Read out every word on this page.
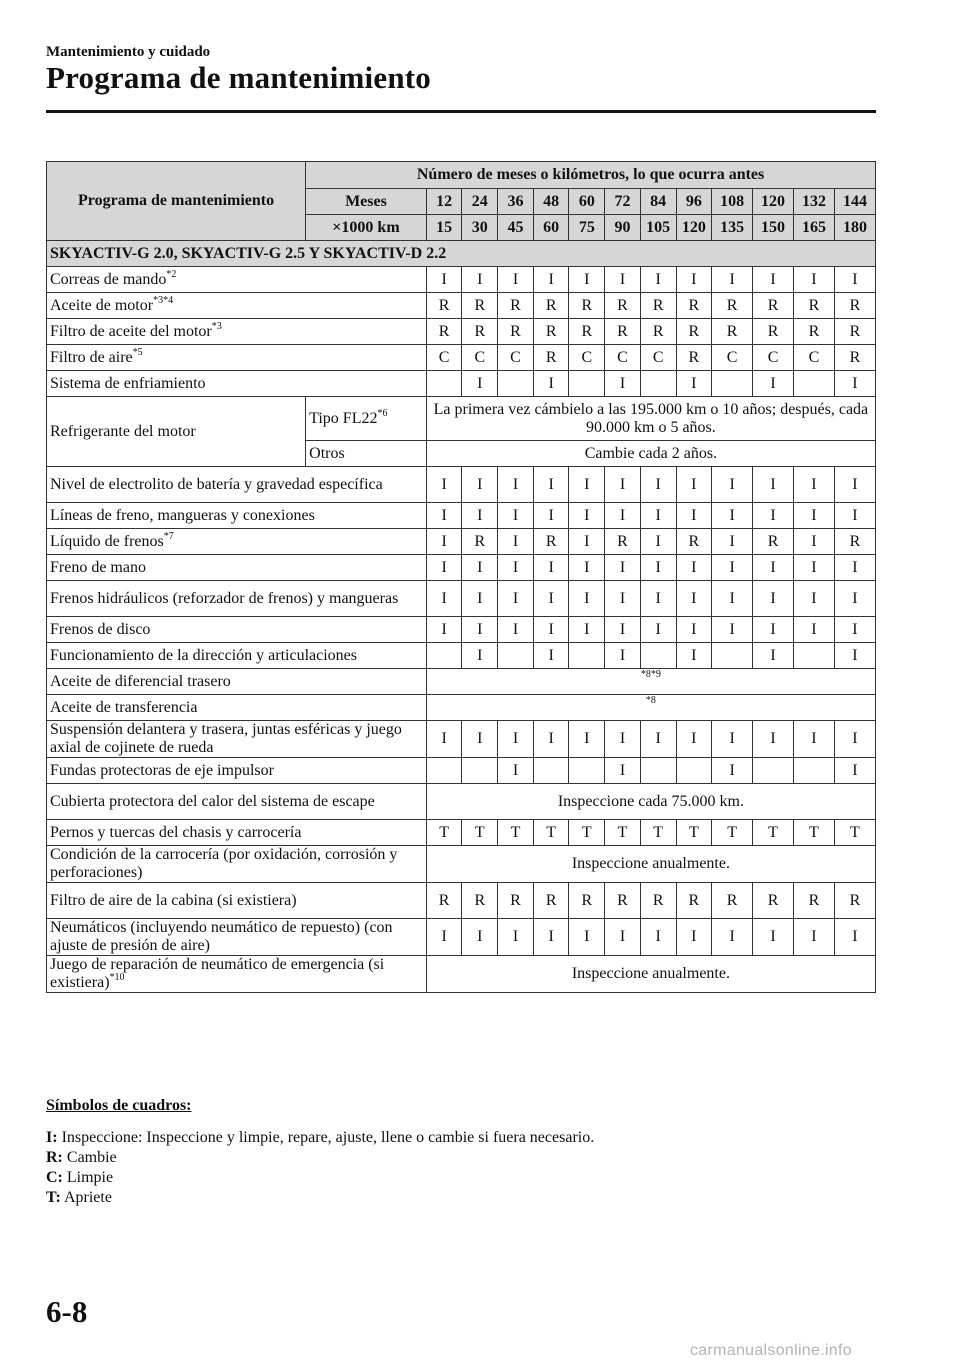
Mantenimiento y cuidado
Programa de mantenimiento
Programa de mantenimiento	Número de meses o kilómetros, lo que ocurra antes												
	Meses	12	24	36	48	60	72	84	96	108	120	132	144
	×1000 km	15	30	45	60	75	90	105	120	135	150	165	180
SKYACTIV-G 2.0, SKYACTIV-G 2.5 Y SKYACTIV-D 2.2													
Correas de mando$^{*2}$		I	I	I	I	I	I	I	I	I	I	I	I
Aceite de motor$^{*3*4}$		R	R	R	R	R	R	R	R	R	R	R	R
Filtro de aceite del motor$^{*3}$		R	R	R	R	R	R	R	R	R	R	R	R
Filtro de aire$^{*5}$		C	C	C	R	C	C	C	R	C	C	C	R
Sistema de enfriamiento			I		I		I		I		I		I
Refrigerante del motor	Tipo FL22$^{*6}$	La primera vez cámbielo a las 195.000 km o 10 años; después, cada 90.000 km o 5 años.											
	Otros	Cambie cada 2 años.											
Nivel de electrolito de batería y gravedad específica		I	I	I	I	I	I	I	I	I	I	I	I
Líneas de freno, mangueras y conexiones		I	I	I	I	I	I	I	I	I	I	I	I
Líquido de frenos$^{*7}$		I	R	I	R	I	R	I	R	I	R	I	R
Freno de mano		I	I	I	I	I	I	I	I	I	I	I	I
Frenos hidráulicos (reforzador de frenos) y mangueras		I	I	I	I	I	I	I	I	I	I	I	I
Frenos de disco		I	I	I	I	I	I	I	I	I	I	I	I
Funcionamiento de la dirección y articulaciones			I		I		I		I		I		I
Aceite de diferencial trasero		*8*9											
Aceite de transferencia		*8											
Suspensión delantera y trasera, juntas esféricas y juego axial de cojinete de rueda		I	I	I	I	I	I	I	I	I	I	I	I
Fundas protectoras de eje impulsor				I			I			I			I
Cubierta protectora del calor del sistema de escape		Inspeccione cada 75.000 km.											
Pernos y tuercas del chasis y carrocería		T	T	T	T	T	T	T	T	T	T	T	T
Condición de la carrocería (por oxidación, corrosión y perforaciones)		Inspeccione anualmente.											
Filtro de aire de la cabina (si existiera)		R	R	R	R	R	R	R	R	R	R	R	R
Neumáticos (incluyendo neumático de repuesto) (con ajuste de presión de aire)		I	I	I	I	I	I	I	I	I	I	I	I
Juego de reparación de neumático de emergencia (si existiera)$^{*10}$		Inspeccione anualmente.											
Símbolos de cuadros:
I: Inspeccione: Inspeccione y limpie, repare, ajuste, llene o cambie si fuera necesario.
R: Cambie
C: Limpie
T: Apriete
6-8
carmanualsonline.info
